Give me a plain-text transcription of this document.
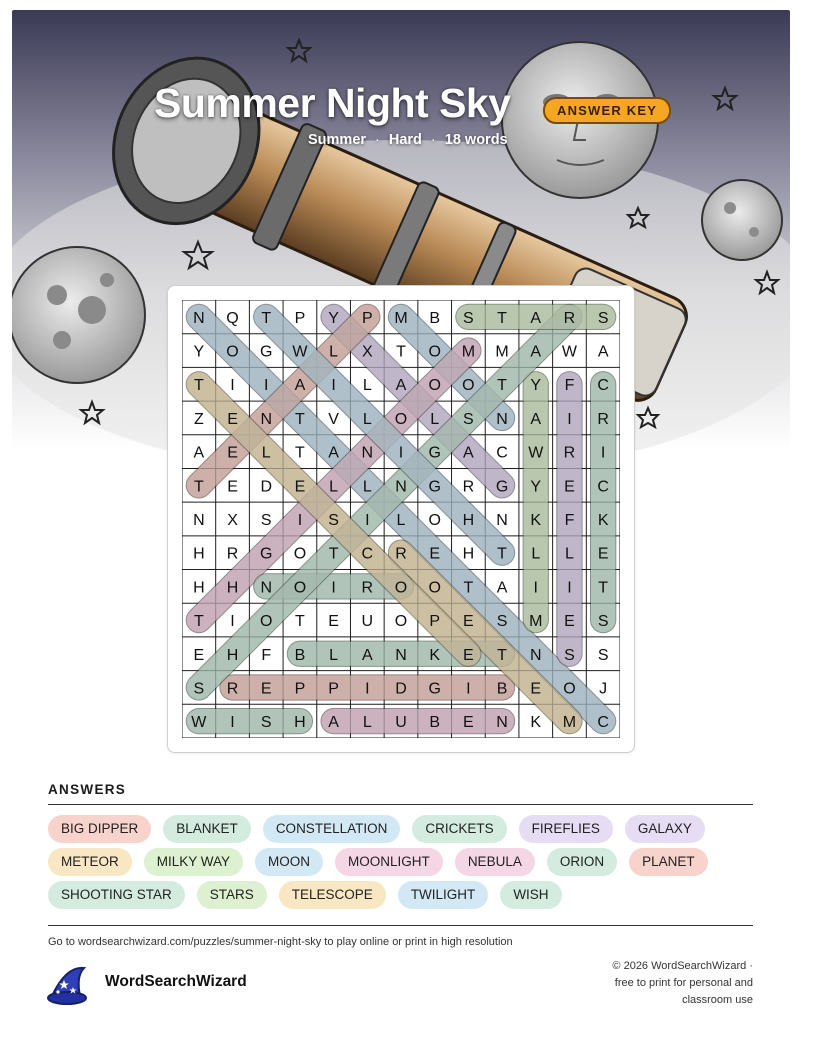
Summer Night Sky	ANSWER KEY
Summer · Hard · 18 words
N Q T P Y P M B S T A R S
Y O G W L X T O M M A W A
T I I A I L A O O T Y F C
Z E N T V L O L S N A I R
A E L T A N I G A C W R I
T E D E L L N G R G Y E C
N X S I S I L O H N K F K
H R G O T C R E H T L L E
H H N O I R O O T A I I T
T I O T E U O P E S M E S
E H F B L A N K E T N S S
S R E P P I D G I B E O J
W I S H A L U B E N K M C
ANSWERS
BIG DIPPER	BLANKET	CONSTELLATION	CRICKETS	FIREFLIES	GALAXY
METEOR	MILKY WAY	MOON	MOONLIGHT	NEBULA	ORION	PLANET
SHOOTING STAR	STARS	TELESCOPE	TWILIGHT	WISH
Go to wordsearchwizard.com/puzzles/summer-night-sky to play online or print in high resolution
WordSearchWizard
© 2026 WordSearchWizard ·
free to print for personal and
classroom use
